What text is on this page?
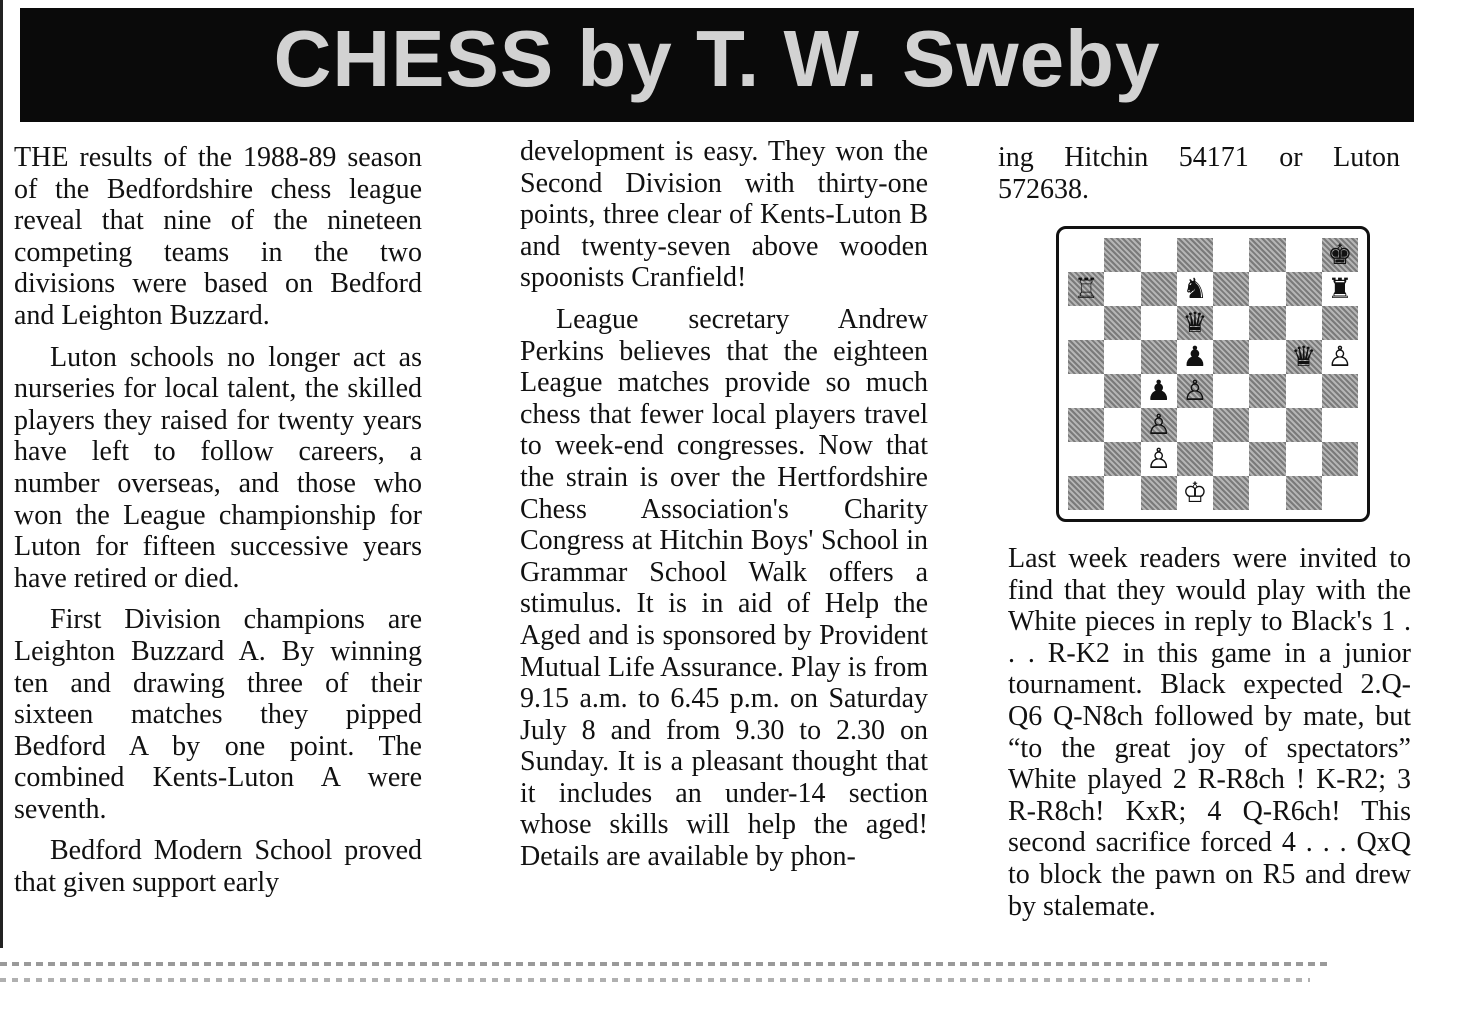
CHESS by T. W. Sweby

THE results of the 1988-89 season of the Bedfordshire chess league reveal that nine of the nineteen competing teams in the two divisions were based on Bedford and Leighton Buzzard.

Luton schools no longer act as nurseries for local talent, the skilled players they raised for twenty years have left to follow careers, a number overseas, and those who won the League championship for Luton for fifteen successive years have retired or died.

First Division champions are Leighton Buzzard A. By winning ten and drawing three of their sixteen matches they pipped Bedford A by one point. The combined Kents-Luton A were seventh.

Bedford Modern School proved that given support early

development is easy. They won the Second Division with thirty-one points, three clear of Kents-Luton B and twenty-seven above wooden spoonists Cranfield!

League secretary Andrew Perkins believes that the eighteen League matches provide so much chess that fewer local players travel to week-end congresses. Now that the strain is over the Hertfordshire Chess Association's Charity Congress at Hitchin Boys' School in Grammar School Walk offers a stimulus. It is in aid of Help the Aged and is sponsored by Provident Mutual Life Assurance. Play is from 9.15 a.m. to 6.45 p.m. on Saturday July 8 and from 9.30 to 2.30 on Sunday. It is a pleasant thought that it includes an under-14 section whose skills will help the aged! Details are available by phon-

ing Hitchin 54171 or Luton 572638.

♚
♖	♞	♜
♛
♟	♛ ♙
♟ ♙
♙
♙
♔

Last week readers were invited to find that they would play with the White pieces in reply to Black's 1 . . . R-K2 in this game in a junior tournament. Black expected 2.Q-Q6 Q-N8ch followed by mate, but “to the great joy of spectators” White played 2 R-R8ch ! K-R2; 3 R-R8ch! KxR; 4 Q-R6ch! This second sacrifice forced 4 . . . QxQ to block the pawn on R5 and drew by stalemate.
